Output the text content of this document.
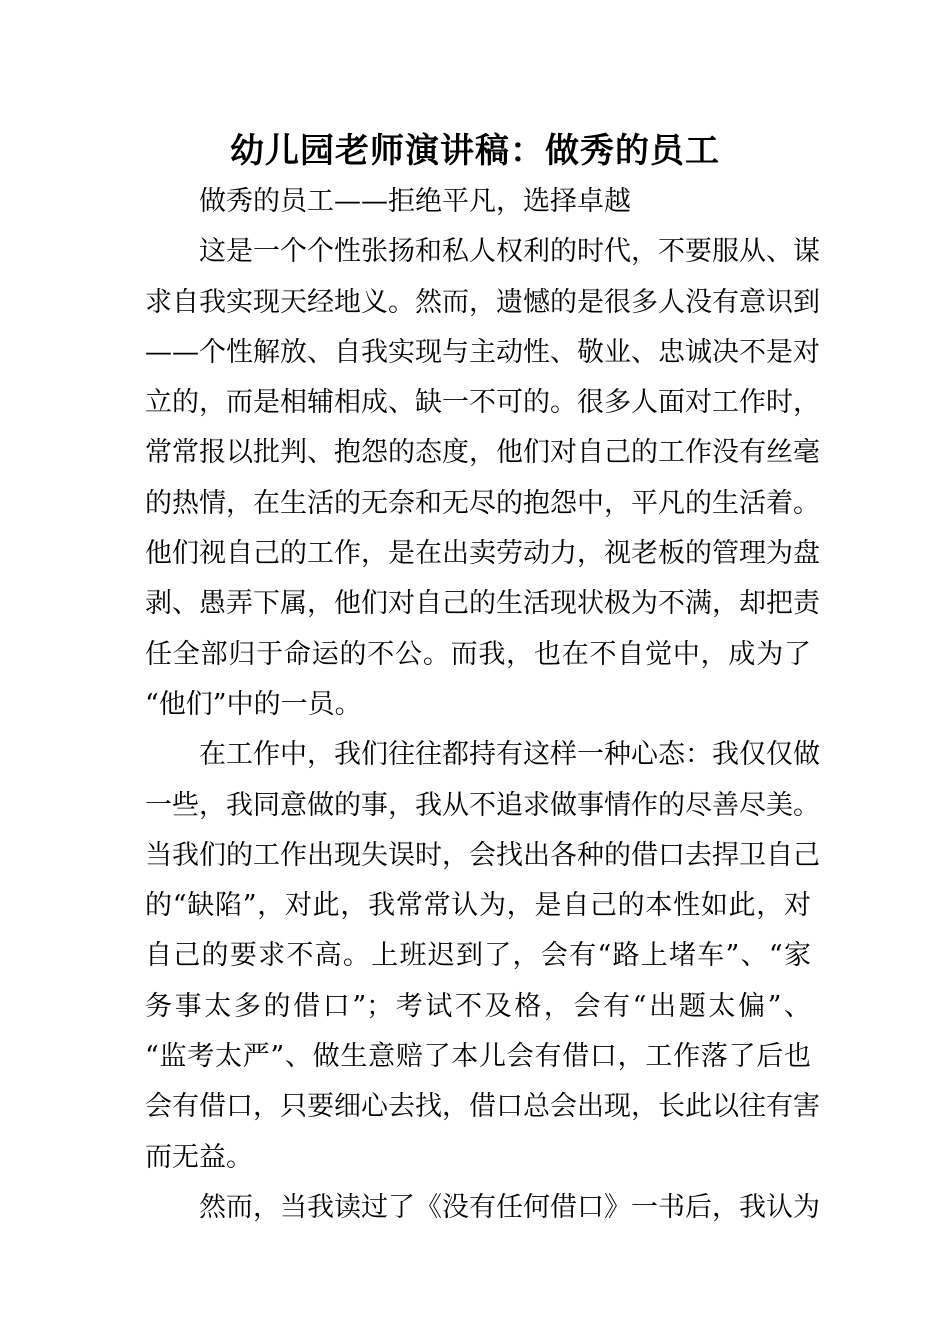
幼儿园老师演讲稿：做秀的员工
做秀的员工——拒绝平凡，选择卓越
这是一个个性张扬和私人权利的时代，不要服从、谋
求自我实现天经地义。然而，遗憾的是很多人没有意识到
——个性解放、自我实现与主动性、敬业、忠诚决不是对
立的，而是相辅相成、缺一不可的。很多人面对工作时，
常常报以批判、抱怨的态度，他们对自己的工作没有丝毫
的热情，在生活的无奈和无尽的抱怨中，平凡的生活着。
他们视自己的工作，是在出卖劳动力，视老板的管理为盘
剥、愚弄下属，他们对自己的生活现状极为不满，却把责
任全部归于命运的不公。而我，也在不自觉中，成为了
“他们”中的一员。
在工作中，我们往往都持有这样一种心态：我仅仅做
一些，我同意做的事，我从不追求做事情作的尽善尽美。
当我们的工作出现失误时，会找出各种的借口去捍卫自己
的“缺陷”，对此，我常常认为，是自己的本性如此，对
自己的要求不高。上班迟到了，会有“路上堵车”、“家
务事太多的借口”；考试不及格，会有“出题太偏”、
“监考太严”、做生意赔了本儿会有借口，工作落了后也
会有借口，只要细心去找，借口总会出现，长此以往有害
而无益。
然而，当我读过了《没有任何借口》一书后，我认为
